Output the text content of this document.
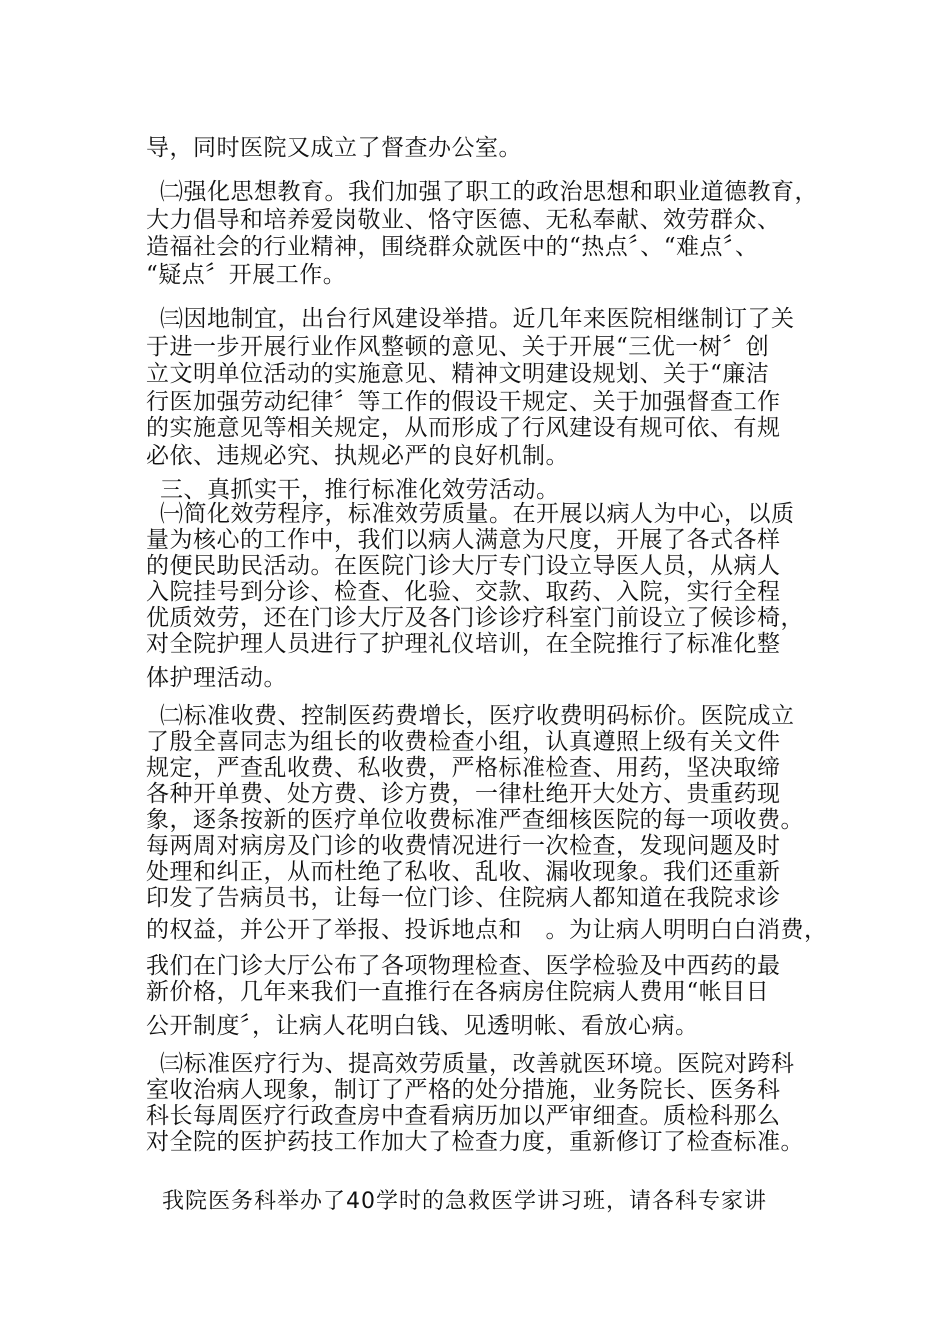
导，同时医院又成立了督查办公室。
㈡强化思想教育。我们加强了职工的政治思想和职业道德教育，
大力倡导和培养爱岗敬业、恪守医德、无私奉献、效劳群众、
造福社会的行业精神，围绕群众就医中的“热点〞、“难点〞、
“疑点〞开展工作。
㈢因地制宜，出台行风建设举措。近几年来医院相继制订了关
于进一步开展行业作风整顿的意见、关于开展“三优一树〞创
立文明单位活动的实施意见、精神文明建设规划、关于“廉洁
行医加强劳动纪律〞等工作的假设干规定、关于加强督查工作
的实施意见等相关规定，从而形成了行风建设有规可依、有规
必依、违规必究、执规必严的良好机制。
三、真抓实干，推行标准化效劳活动。
㈠简化效劳程序，标准效劳质量。在开展以病人为中心，以质
量为核心的工作中，我们以病人满意为尺度，开展了各式各样
的便民助民活动。在医院门诊大厅专门设立导医人员，从病人
入院挂号到分诊、检查、化验、交款、取药、入院，实行全程
优质效劳，还在门诊大厅及各门诊诊疗科室门前设立了候诊椅，
对全院护理人员进行了护理礼仪培训，在全院推行了标准化整
体护理活动。
㈡标准收费、控制医药费增长，医疗收费明码标价。医院成立
了殷全喜同志为组长的收费检查小组，认真遵照上级有关文件
规定，严查乱收费、私收费，严格标准检查、用药，坚决取缔
各种开单费、处方费、诊方费，一律杜绝开大处方、贵重药现
象，逐条按新的医疗单位收费标准严查细核医院的每一项收费。
每两周对病房及门诊的收费情况进行一次检查，发现问题及时
处理和纠正，从而杜绝了私收、乱收、漏收现象。我们还重新
印发了告病员书，让每一位门诊、住院病人都知道在我院求诊
的权益，并公开了举报、投诉地点和　。为让病人明明白白消费，
我们在门诊大厅公布了各项物理检查、医学检验及中西药的最
新价格，几年来我们一直推行在各病房住院病人费用“帐目日
公开制度〞，让病人花明白钱、见透明帐、看放心病。
㈢标准医疗行为、提高效劳质量，改善就医环境。医院对跨科
室收治病人现象，制订了严格的处分措施，业务院长、医务科
科长每周医疗行政查房中查看病历加以严审细查。质检科那么
对全院的医护药技工作加大了检查力度，重新修订了检查标准。
我院医务科举办了40学时的急救医学讲习班，请各科专家讲
